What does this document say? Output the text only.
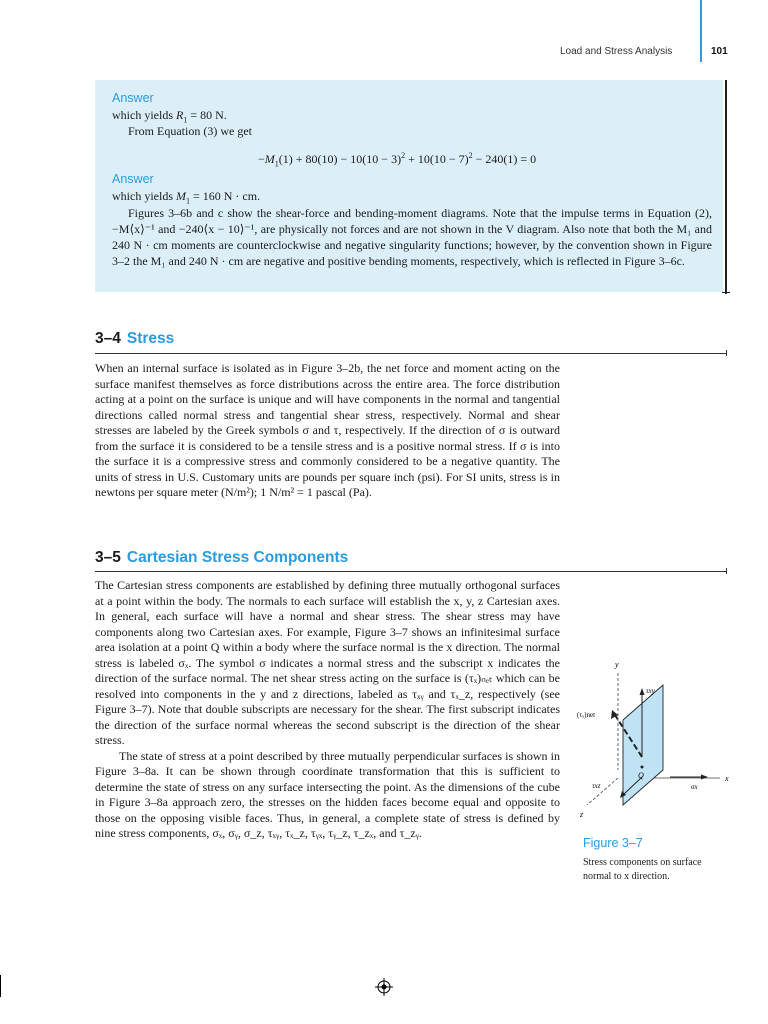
Load and Stress Analysis	101
Answer
which yields $R_1 = 80$ N.
From Equation (3) we get
$-M_1(1) + 80(10) - 10(10 - 3)^2 + 10(10 - 7)^2 - 240(1) = 0$
Answer
which yields $M_1 = 160$ N · cm.
Figures 3–6b and c show the shear-force and bending-moment diagrams. Note that the impulse terms in Equation (2), −M⟨x⟩⁻¹ and −240⟨x − 10⟩⁻¹, are physically not forces and are not shown in the V diagram. Also note that both the M₁ and 240 N · cm moments are counterclockwise and negative singularity functions; however, by the convention shown in Figure 3–2 the M₁ and 240 N · cm are negative and positive bending moments, respectively, which is reflected in Figure 3–6c.
3–4 Stress
When an internal surface is isolated as in Figure 3–2b, the net force and moment acting on the surface manifest themselves as force distributions across the entire area. The force distribution acting at a point on the surface is unique and will have components in the normal and tangential directions called normal stress and tangential shear stress, respectively. Normal and shear stresses are labeled by the Greek symbols σ and τ, respectively. If the direction of σ is outward from the surface it is considered to be a tensile stress and is a positive normal stress. If σ is into the surface it is a compressive stress and commonly considered to be a negative quantity. The units of stress in U.S. Customary units are pounds per square inch (psi). For SI units, stress is in newtons per square meter (N/m²); 1 N/m² = 1 pascal (Pa).
3–5 Cartesian Stress Components

The Cartesian stress components are established by defining three mutually orthogonal surfaces at a point within the body. The normals to each surface will establish the x, y, z Cartesian axes. In general, each surface will have a normal and shear stress. The shear stress may have components along two Cartesian axes. For example, Figure 3–7 shows an infinitesimal surface area isolation at a point Q within a body where the surface normal is the x direction. The normal stress is labeled σₓ. The symbol σ indicates a normal stress and the subscript x indicates the direction of the surface normal. The net shear stress acting on the surface is (τₓ)ₙₑₜ which can be resolved into components in the y and z directions, labeled as τₓᵧ and τₓ_z, respectively (see Figure 3–7). Note that double subscripts are necessary for the shear. The first subscript indicates the direction of the surface normal whereas the second subscript is the direction of the shear stress.

The state of stress at a point described by three mutually perpendicular surfaces is shown in Figure 3–8a. It can be shown through coordinate transformation that this is sufficient to determine the state of stress on any surface intersecting the point. As the dimensions of the cube in Figure 3–8a approach zero, the stresses on the hidden faces become equal and opposite to those on the opposing visible faces. Thus, in general, a complete state of stress is defined by nine stress components, σₓ, σᵧ, σ_z, τₓᵧ, τₓ_z, τᵧₓ, τᵧ_z, τ_zₓ, and τ_zᵧ.

y
x
z
τxy
(τₓ)net
τxz	σx
Q
Figure 3–7
Stress components on surface normal to x direction.
